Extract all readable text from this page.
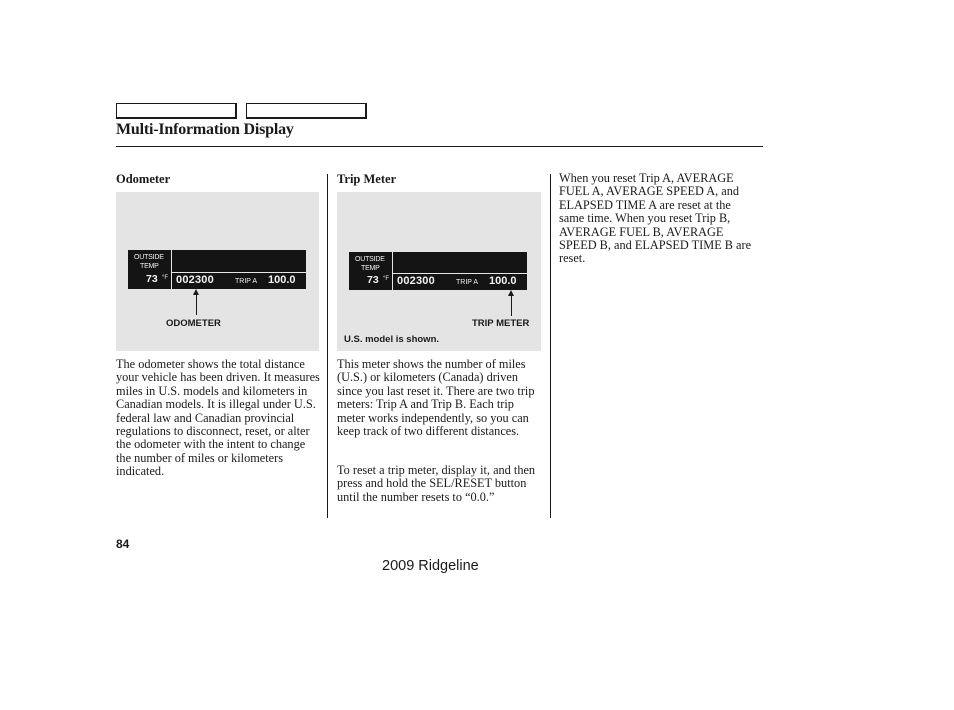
Multi-Information Display
Odometer
OUTSIDE
TEMP
73 °F 002300	TRIP A 100.0
ODOMETER

The odometer shows the total distance your vehicle has been driven. It measures miles in U.S. models and kilometers in Canadian models. It is illegal under U.S. federal law and Canadian provincial regulations to disconnect, reset, or alter the odometer with the intent to change the number of miles or kilometers indicated.

Trip Meter
OUTSIDE
TEMP
73 °F 002300	TRIP A 100.0
TRIP METER
U.S. model is shown.

This meter shows the number of miles (U.S.) or kilometers (Canada) driven since you last reset it. There are two trip meters: Trip A and Trip B. Each trip meter works independently, so you can keep track of two different distances.

To reset a trip meter, display it, and then press and hold the SEL/RESET button until the number resets to “0.0.”

When you reset Trip A, AVERAGE FUEL A, AVERAGE SPEED A, and ELAPSED TIME A are reset at the same time. When you reset Trip B, AVERAGE FUEL B, AVERAGE SPEED B, and ELAPSED TIME B are reset.

84
2009 Ridgeline
